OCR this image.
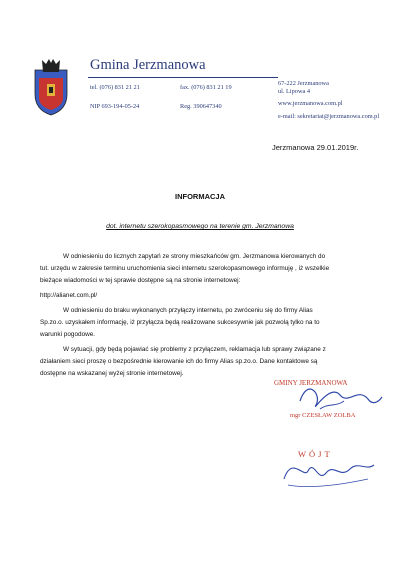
Gmina Jerzmanowa
tel. (076) 831 21 21	fax. (076) 831 21 19
67-222 Jerzmanowa
ul. Lipowa 4
NIP 693-194-05-24	Reg. 390647340	www.jerzmanowa.com.pl
e-mail: sekretariat@jerzmanowa.com.pl
Jerzmanowa 29.01.2019r.
INFORMACJA
dot. internetu szerokopasmowego na terenie gm. Jerzmanowa
W odniesieniu do licznych zapytań ze strony mieszkańców gm. Jerzmanowa kierowanych do
tut. urzędu w zakresie terminu uruchomienia sieci internetu szerokopasmowego informuję , iż wszelkie
bieżące wiadomości w tej sprawie dostępne są na stronie internetowej:
http://alianet.com.pl/
W odniesieniu do braku wykonanych przyłączy internetu, po zwróceniu się do firmy Alias
Sp.zo.o. uzyskałem informację, iż przyłącza będą realizowane sukcesywnie jak pozwolą tylko na to
warunki pogodowe.
W sytuacji, gdy będą pojawiać się problemy z przyłączem, reklamacja lub sprawy związane z
działaniem sieci proszę o bezpośrednie kierowanie ich do firmy Alias sp.zo.o. Dane kontaktowe są
dostępne na wskazanej wyżej stronie internetowej.
GMINY JERZMANOWA
mgr CZESŁAW ZOLBA
WÓJT
